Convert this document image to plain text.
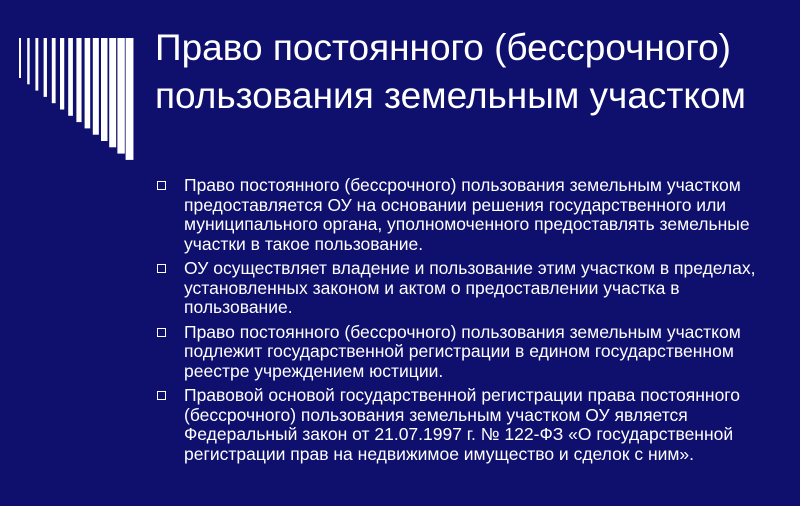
Право постоянного (бессрочного) пользования земельным участком
Право постоянного (бессрочного) пользования земельным участком предоставляется ОУ на основании решения государственного или муниципального органа, уполномоченного предоставлять земельные участки в такое пользование.
ОУ осуществляет владение и пользование этим участком в пределах, установленных законом и актом о предоставлении участка в пользование.
Право постоянного (бессрочного) пользования земельным участком подлежит государственной регистрации в едином государственном реестре учреждением юстиции.
Правовой основой государственной регистрации права постоянного (бессрочного) пользования земельным участком ОУ является Федеральный закон от 21.07.1997 г. № 122-ФЗ «О государственной регистрации прав на недвижимое имущество и сделок с ним».
